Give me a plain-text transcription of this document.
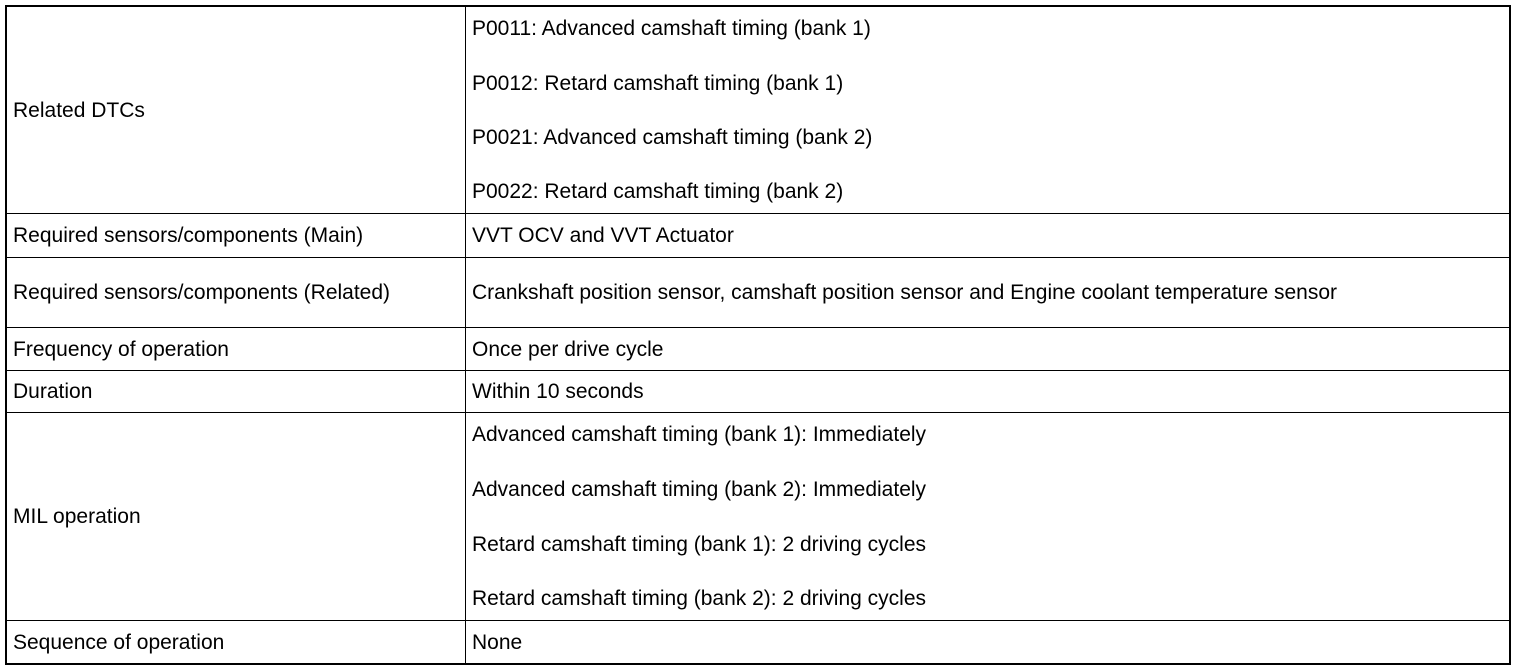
Related DTCs	P0011: Advanced camshaft timing (bank 1)
P0012: Retard camshaft timing (bank 1)
P0021: Advanced camshaft timing (bank 2)
P0022: Retard camshaft timing (bank 2)

Required sensors/components (Main)	VVT OCV and VVT Actuator
Required sensors/components (Related)	Crankshaft position sensor, camshaft position sensor and Engine coolant temperature sensor
Frequency of operation	Once per drive cycle
Duration	Within 10 seconds
MIL operation	Advanced camshaft timing (bank 1): Immediately
Advanced camshaft timing (bank 2): Immediately
Retard camshaft timing (bank 1): 2 driving cycles
Retard camshaft timing (bank 2): 2 driving cycles

Sequence of operation	None
